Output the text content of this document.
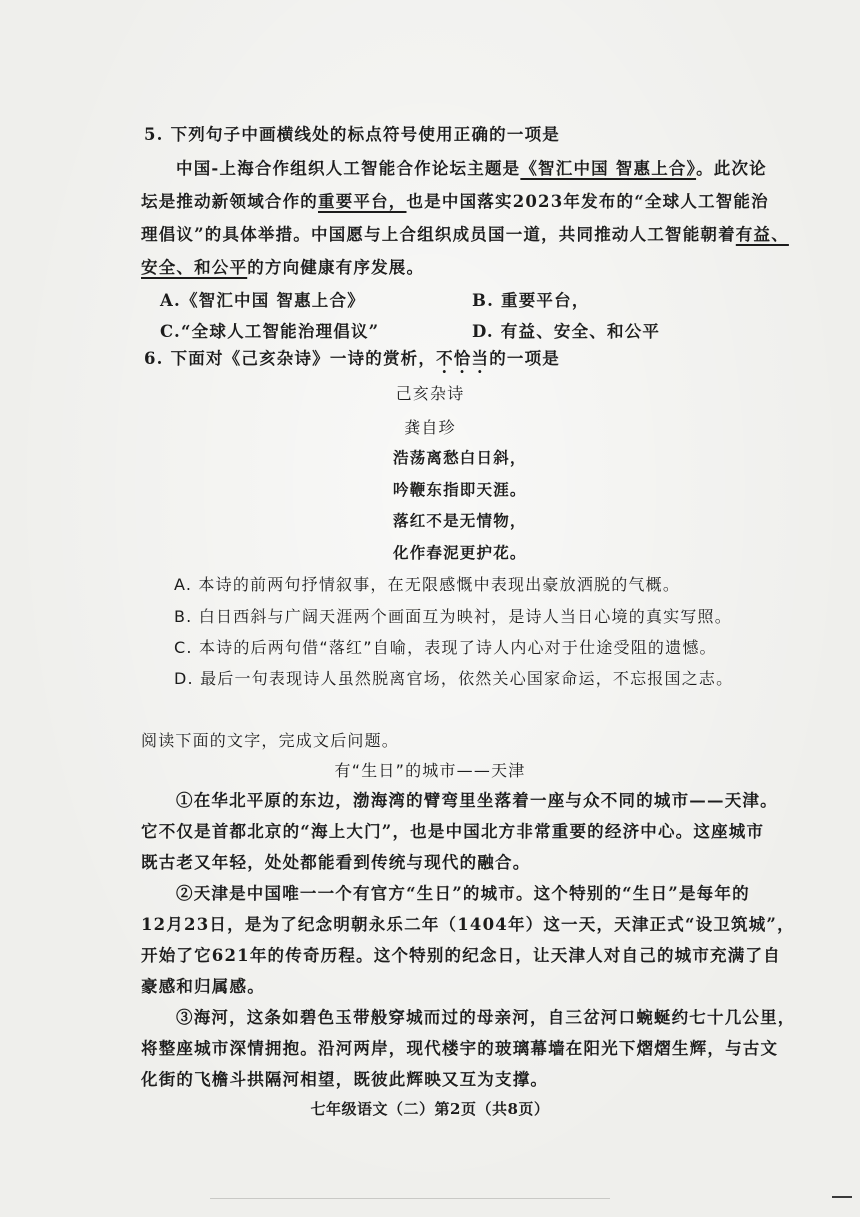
5. 下列句子中画横线处的标点符号使用正确的一项是
中国-上海合作组织人工智能合作论坛主题是《智汇中国 智惠上合》。此次论
坛是推动新领域合作的重要平台，也是中国落实2023年发布的“全球人工智能治
理倡议”的具体举措。中国愿与上合组织成员国一道，共同推动人工智能朝着有益、
安全、和公平的方向健康有序发展。
A.《智汇中国 智惠上合》	B. 重要平台，
C.“全球人工智能治理倡议”	D. 有益、安全、和公平
6. 下面对《己亥杂诗》一诗的赏析，不恰当的一项是
己亥杂诗
龚自珍
浩荡离愁白日斜，
吟鞭东指即天涯。
落红不是无情物，
化作春泥更护花。
A. 本诗的前两句抒情叙事，在无限感慨中表现出豪放洒脱的气概。
B. 白日西斜与广阔天涯两个画面互为映衬，是诗人当日心境的真实写照。
C. 本诗的后两句借“落红”自喻，表现了诗人内心对于仕途受阻的遗憾。
D. 最后一句表现诗人虽然脱离官场，依然关心国家命运，不忘报国之志。
阅读下面的文字，完成文后问题。
有“生日”的城市——天津
①在华北平原的东边，渤海湾的臂弯里坐落着一座与众不同的城市——天津。
它不仅是首都北京的“海上大门”，也是中国北方非常重要的经济中心。这座城市
既古老又年轻，处处都能看到传统与现代的融合。
②天津是中国唯一一个有官方“生日”的城市。这个特别的“生日”是每年的
12月23日，是为了纪念明朝永乐二年（1404年）这一天，天津正式“设卫筑城”，
开始了它621年的传奇历程。这个特别的纪念日，让天津人对自己的城市充满了自
豪感和归属感。
③海河，这条如碧色玉带般穿城而过的母亲河，自三岔河口蜿蜒约七十几公里，
将整座城市深情拥抱。沿河两岸，现代楼宇的玻璃幕墙在阳光下熠熠生辉，与古文
化街的飞檐斗拱隔河相望，既彼此辉映又互为支撑。
七年级语文（二）第2页（共8页）
